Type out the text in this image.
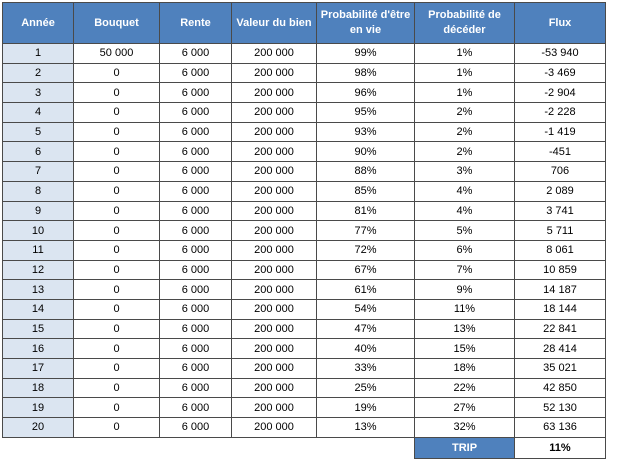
Année	Bouquet	Rente	Valeur du bien	Probabilité d'être en vie	Probabilité de décéder	Flux
1	50 000	6 000	200 000	99%	1%	-53 940
2	0	6 000	200 000	98%	1%	-3 469
3	0	6 000	200 000	96%	1%	-2 904
4	0	6 000	200 000	95%	2%	-2 228
5	0	6 000	200 000	93%	2%	-1 419
6	0	6 000	200 000	90%	2%	-451
7	0	6 000	200 000	88%	3%	706
8	0	6 000	200 000	85%	4%	2 089
9	0	6 000	200 000	81%	4%	3 741
10	0	6 000	200 000	77%	5%	5 711
11	0	6 000	200 000	72%	6%	8 061
12	0	6 000	200 000	67%	7%	10 859
13	0	6 000	200 000	61%	9%	14 187
14	0	6 000	200 000	54%	11%	18 144
15	0	6 000	200 000	47%	13%	22 841
16	0	6 000	200 000	40%	15%	28 414
17	0	6 000	200 000	33%	18%	35 021
18	0	6 000	200 000	25%	22%	42 850
19	0	6 000	200 000	19%	27%	52 130
20	0	6 000	200 000	13%	32%	63 136
					TRIP	11%
